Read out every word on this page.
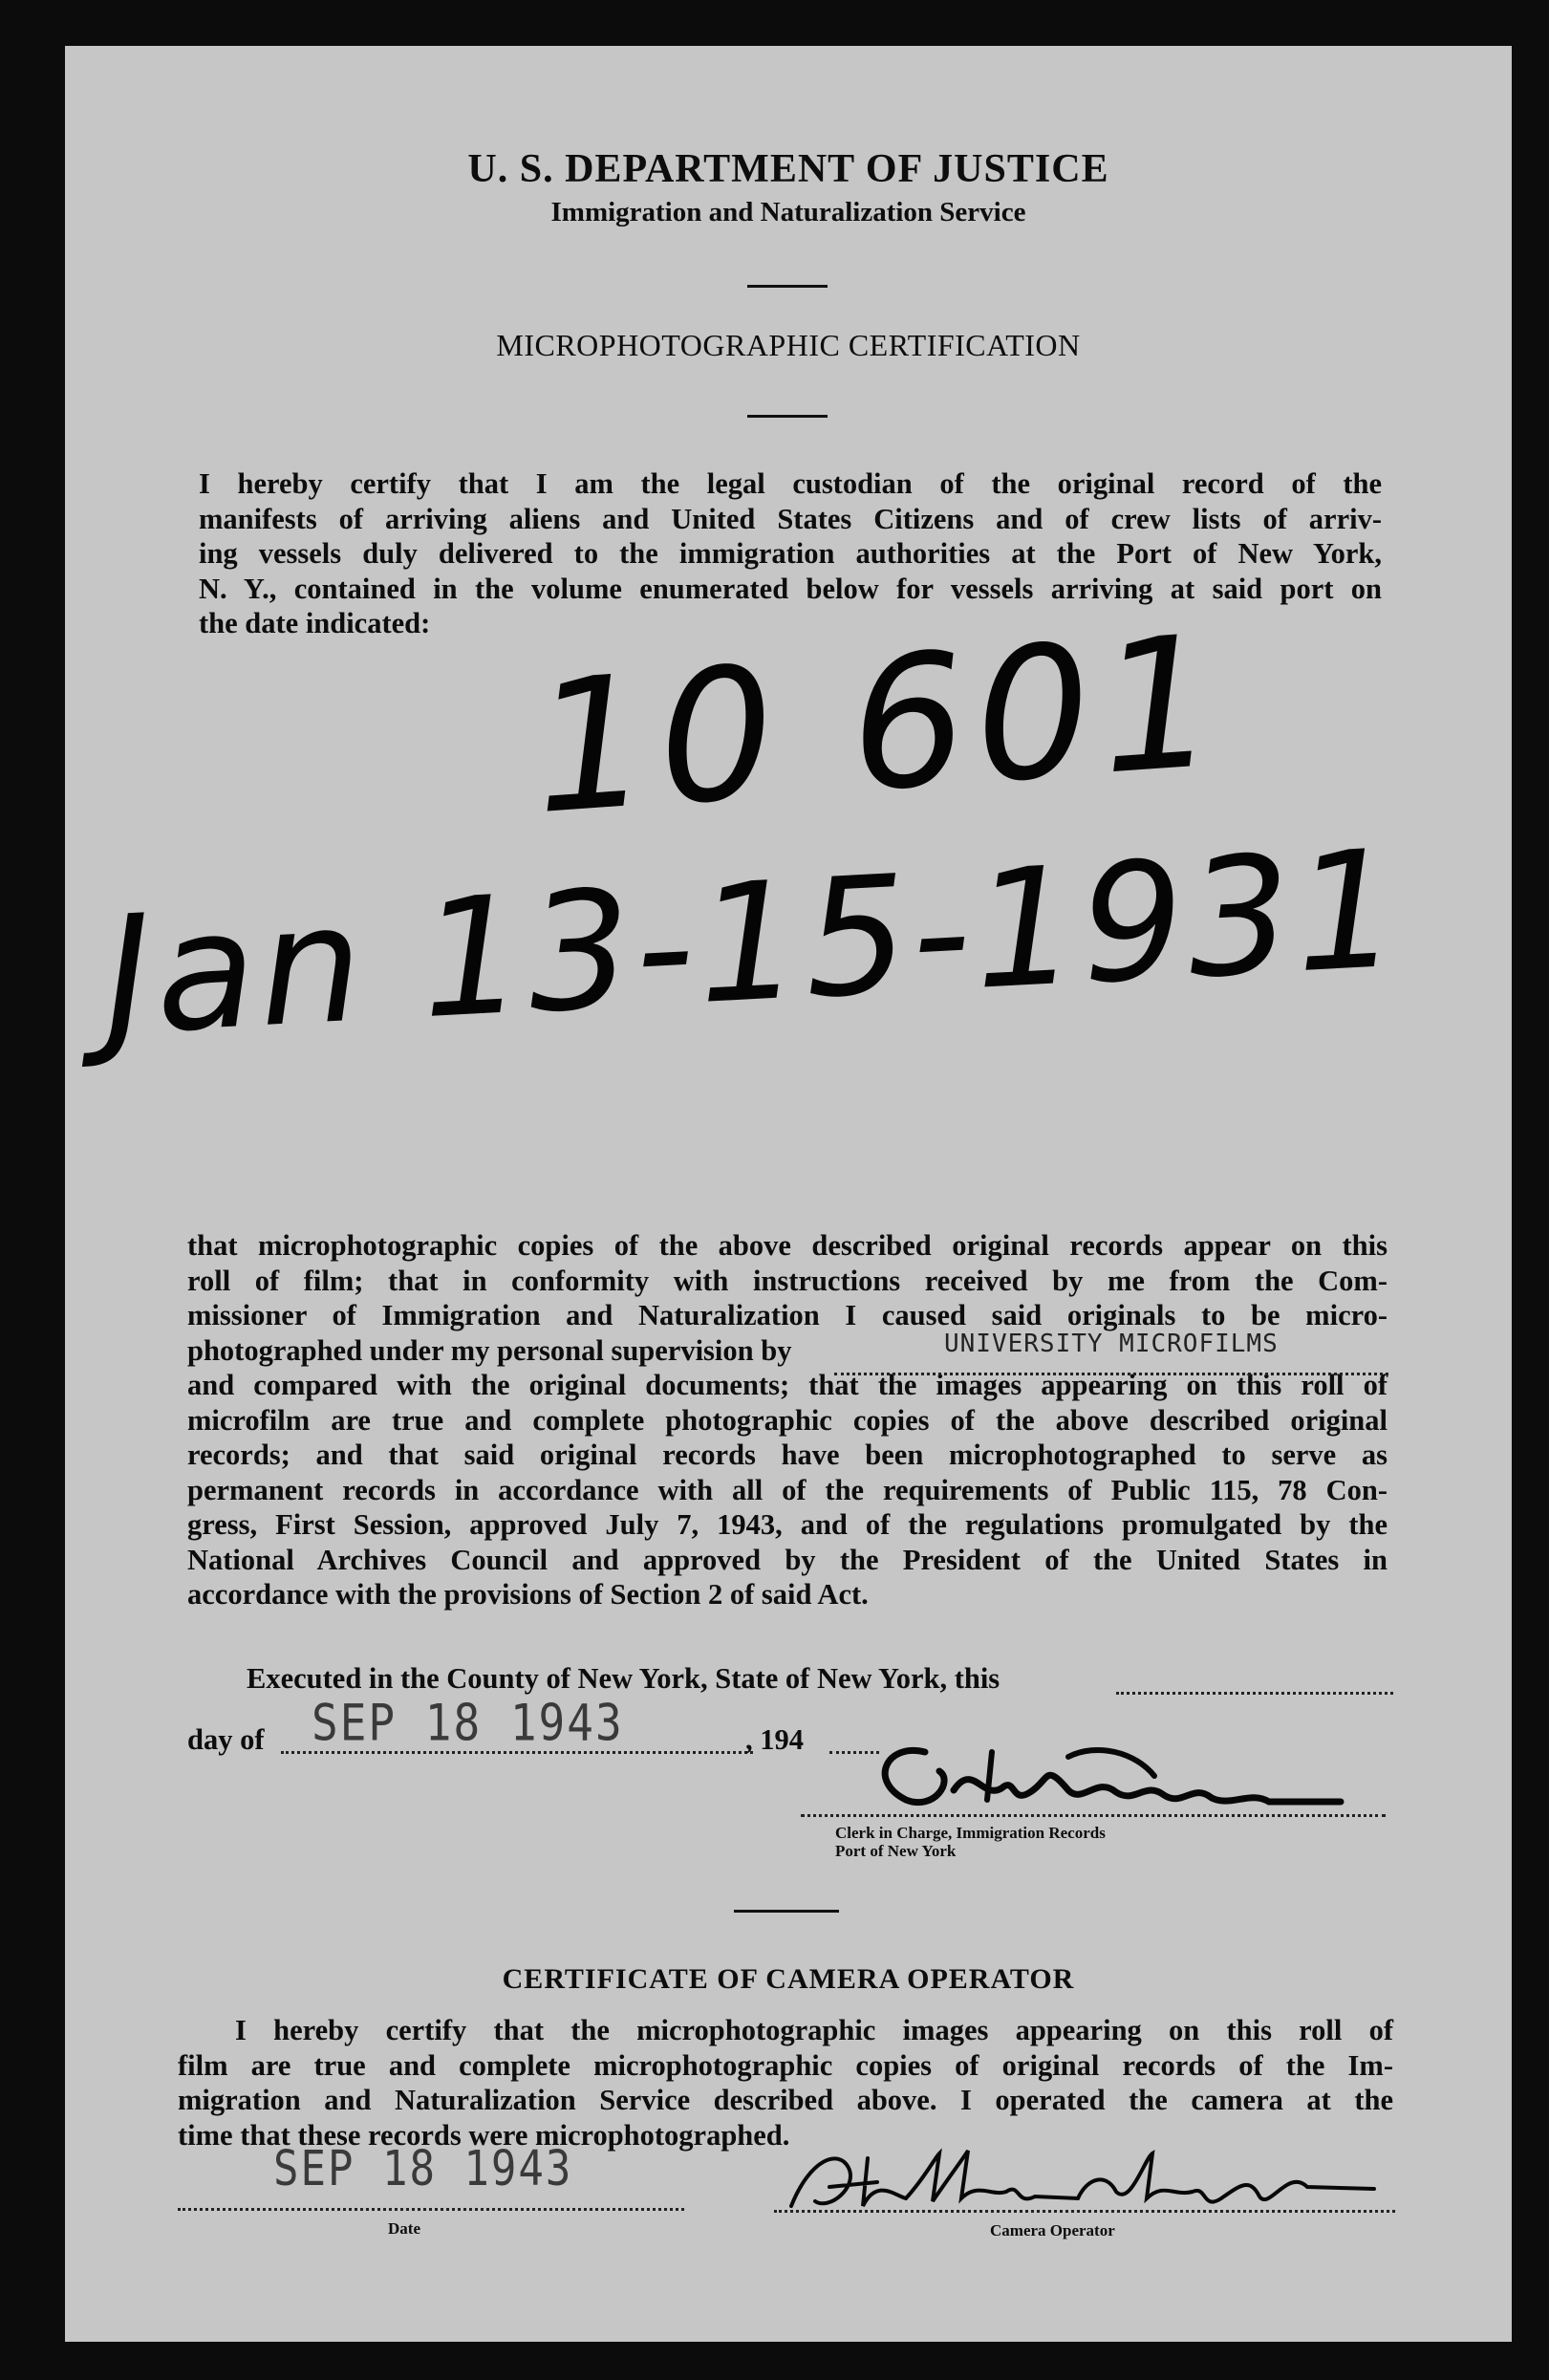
U. S. DEPARTMENT OF JUSTICE
Immigration and Naturalization Service
MICROPHOTOGRAPHIC CERTIFICATION
I hereby certify that I am the legal custodian of the original record of the
manifests of arriving aliens and United States Citizens and of crew lists of arriv-
ing vessels duly delivered to the immigration authorities at the Port of New York,
N. Y., contained in the volume enumerated below for vessels arriving at said port on
the date indicated: 10 601
Jan 13-15-1931
that microphotographic copies of the above described original records appear on this
roll of film; that in conformity with instructions received by me from the Com-
missioner of Immigration and Naturalization I caused said originals to be micro-
photographed under my personal supervision by
and compared with the original documents; that the images appearing on this roll of
microfilm are true and complete photographic copies of the above described original
records; and that said original records have been microphotographed to serve as
permanent records in accordance with all of the requirements of Public 115, 78 Con-
gress, First Session, approved July 7, 1943, and of the regulations promulgated by the
National Archives Council and approved by the President of the United States in
accordance with the provisions of Section 2 of said Act.
UNIVERSITY MICROFILMS
Executed in the County of New York, State of New York, this
day of SEP 18 1943	, 194
Clerk in Charge, Immigration Records
Port of New York
CERTIFICATE OF CAMERA OPERATOR
I hereby certify that the microphotographic images appearing on this roll of
film are true and complete microphotographic copies of original records of the Im-
migration and Naturalization Service described above. I operated the camera at the
time that these records were microphotographed.
SEP 18 1943
Date	Camera Operator
